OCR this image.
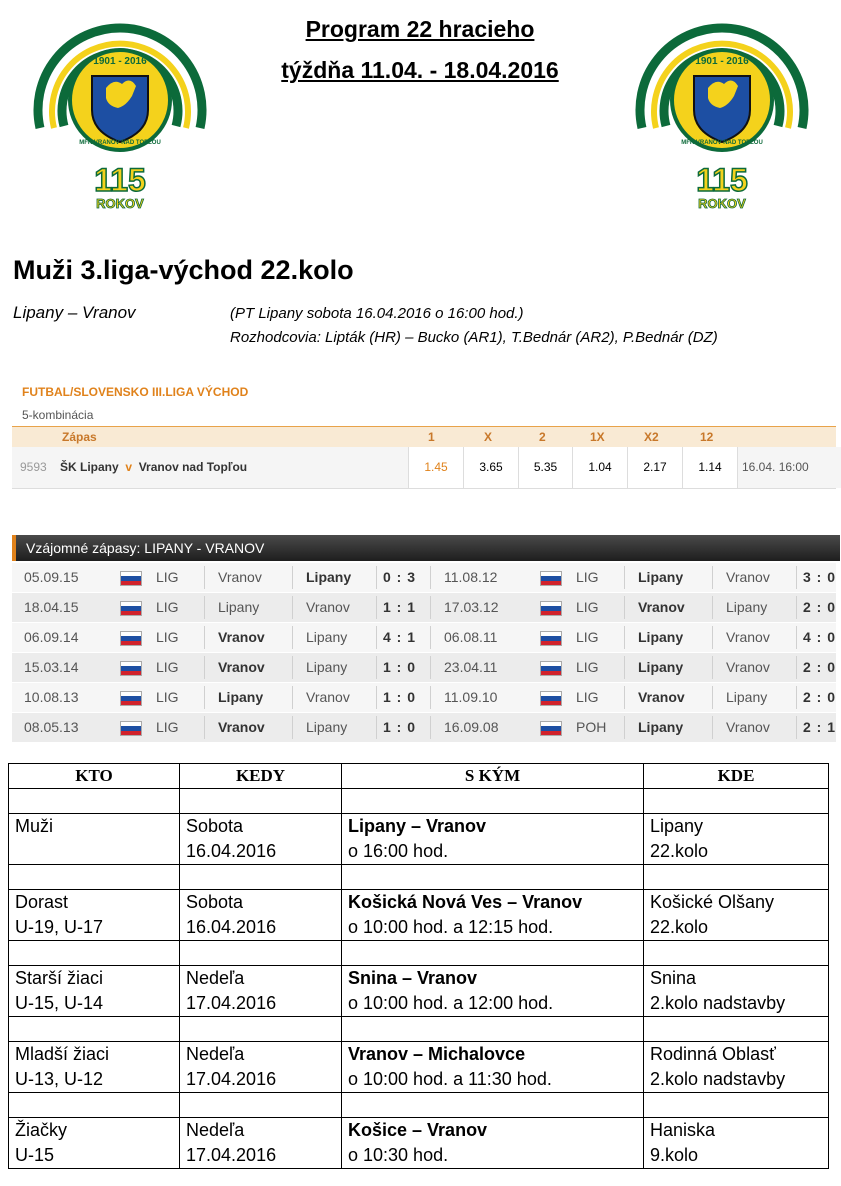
1901 - 2016
MFK VRANOV NAD TOPĽOU
115
ROKOV
1901 - 2016
MFK VRANOV NAD TOPĽOU
115
ROKOV
Program 22 hracieho
týždňa 11.04. - 18.04.2016
Muži 3.liga-východ 22.kolo
Lipany – Vranov	(PT Lipany sobota 16.04.2016 o 16:00 hod.)
Rozhodcovia: Lipták (HR) – Bucko (AR1), T.Bednár (AR2), P.Bednár (DZ)
FUTBAL/SLOVENSKO III.LIGA VÝCHOD
5-kombinácia
Zápas	1	X	2	1X	X2	12
9593 ŠK Lipany v Vranov nad Topľou	1.45	3.65	5.35	1.04	2.17	1.14	16.04. 16:00
Vzájomné zápasy: LIPANY - VRANOV
05.09.15	LIG	Vranov	Lipany 0 : 3 11.08.12	LIG	Lipany	Vranov 3 : 0
18.04.15	LIG	Lipany	Vranov 1 : 1 17.03.12	LIG	Vranov	Lipany	2 : 0
06.09.14	LIG	Vranov	Lipany	4 : 1 06.08.11	LIG	Lipany	Vranov 4 : 0
15.03.14	LIG	Vranov	Lipany	1 : 0 23.04.11	LIG	Lipany	Vranov 2 : 0
10.08.13	LIG	Lipany	Vranov 1 : 0 11.09.10	LIG	Vranov	Lipany	2 : 0
08.05.13	LIG	Vranov	Lipany	1 : 0 16.09.08	POH Lipany	Vranov 2 : 1
KTO	KEDY	S KÝM	KDE

Muži	Sobota	Lipany – Vranov	Lipany
	16.04.2016	o 16:00 hod.	22.kolo

Dorast	Sobota	Košická Nová Ves – Vranov	Košické Olšany
U-19, U-17	16.04.2016	o 10:00 hod. a 12:15 hod.	22.kolo

Starší žiaci	Nedeľa	Snina – Vranov	Snina
U-15, U-14	17.04.2016	o 10:00 hod. a 12:00 hod.	2.kolo nadstavby

Mladší žiaci	Nedeľa	Vranov – Michalovce	Rodinná Oblasť
U-13, U-12	17.04.2016	o 10:00 hod. a 11:30 hod.	2.kolo nadstavby

Žiačky	Nedeľa	Košice – Vranov	Haniska
U-15	17.04.2016	o 10:30 hod.	9.kolo
